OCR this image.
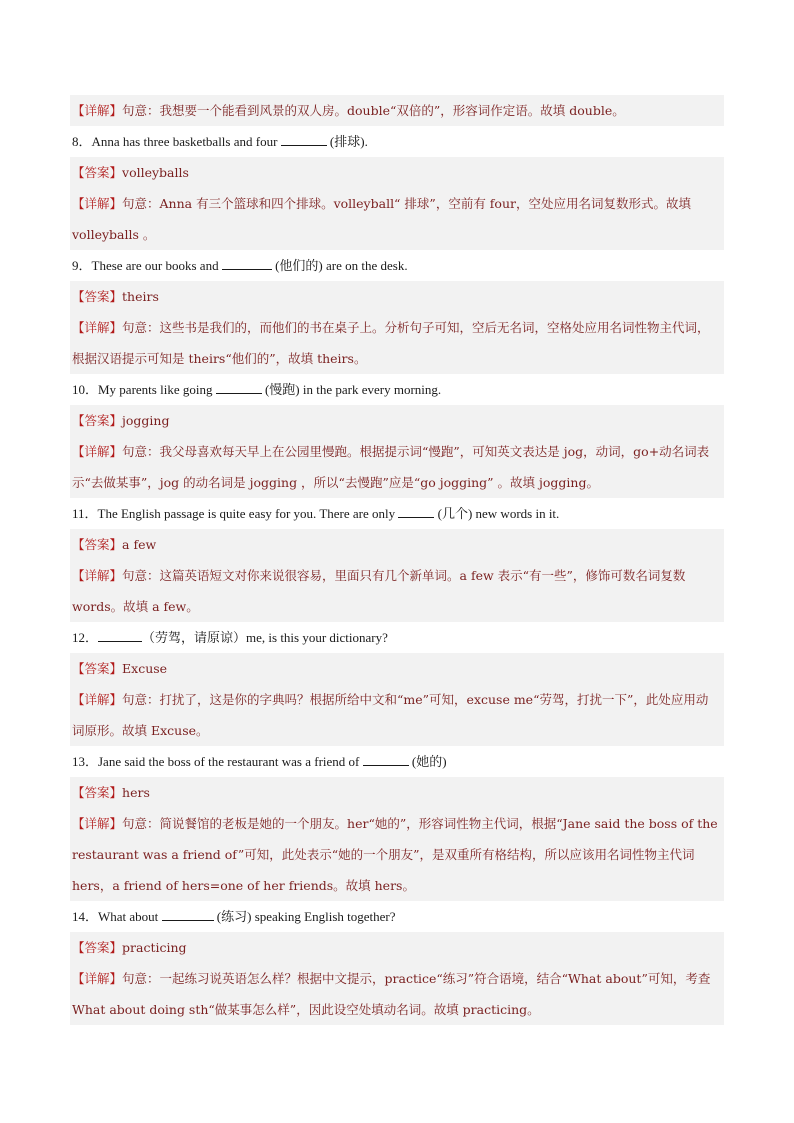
【详解】句意：我想要一个能看到风景的双人房。double“双倍的”，形容词作定语。故填 double。
8．Anna has three basketballs and four	(排球).
【答案】volleyballs
【详解】句意：Anna 有三个篮球和四个排球。volleyball“ 排球”，空前有 four，空处应用名词复数形式。故填 volleyballs 。
9．These are our books and	(他们的) are on the desk.
【答案】theirs
【详解】句意：这些书是我们的，而他们的书在桌子上。分析句子可知，空后无名词，空格处应用名词性物主代词，根据汉语提示可知是 theirs“他们的”，故填 theirs。
10．My parents like going	(慢跑) in the park every morning.
【答案】jogging
【详解】句意：我父母喜欢每天早上在公园里慢跑。根据提示词“慢跑”，可知英文表达是 jog，动词，go+动名词表示“去做某事”，jog 的动名词是 jogging ，所以“去慢跑”应是“go jogging” 。故填 jogging。
11．The English passage is quite easy for you. There are only	(几个) new words in it.
【答案】a few
【详解】句意：这篇英语短文对你来说很容易，里面只有几个新单词。a few 表示“有一些”，修饰可数名词复数 words。故填 a few。
12．	（劳驾，请原谅）me, is this your dictionary?
【答案】Excuse
【详解】句意：打扰了，这是你的字典吗？根据所给中文和“me”可知，excuse me“劳驾，打扰一下”，此处应用动词原形。故填 Excuse。
13．Jane said the boss of the restaurant was a friend of	(她的)
【答案】hers
【详解】句意：简说餐馆的老板是她的一个朋友。her“她的”，形容词性物主代词，根据“Jane said the boss of the restaurant was a friend of”可知，此处表示“她的一个朋友”，是双重所有格结构，所以应该用名词性物主代词 hers，a friend of hers=one of her friends。故填 hers。
14．What about	(练习) speaking English together?
【答案】practicing
【详解】句意：一起练习说英语怎么样？根据中文提示，practice“练习”符合语境，结合“What about”可知，考查 What about doing sth“做某事怎么样”，因此设空处填动名词。故填 practicing。
